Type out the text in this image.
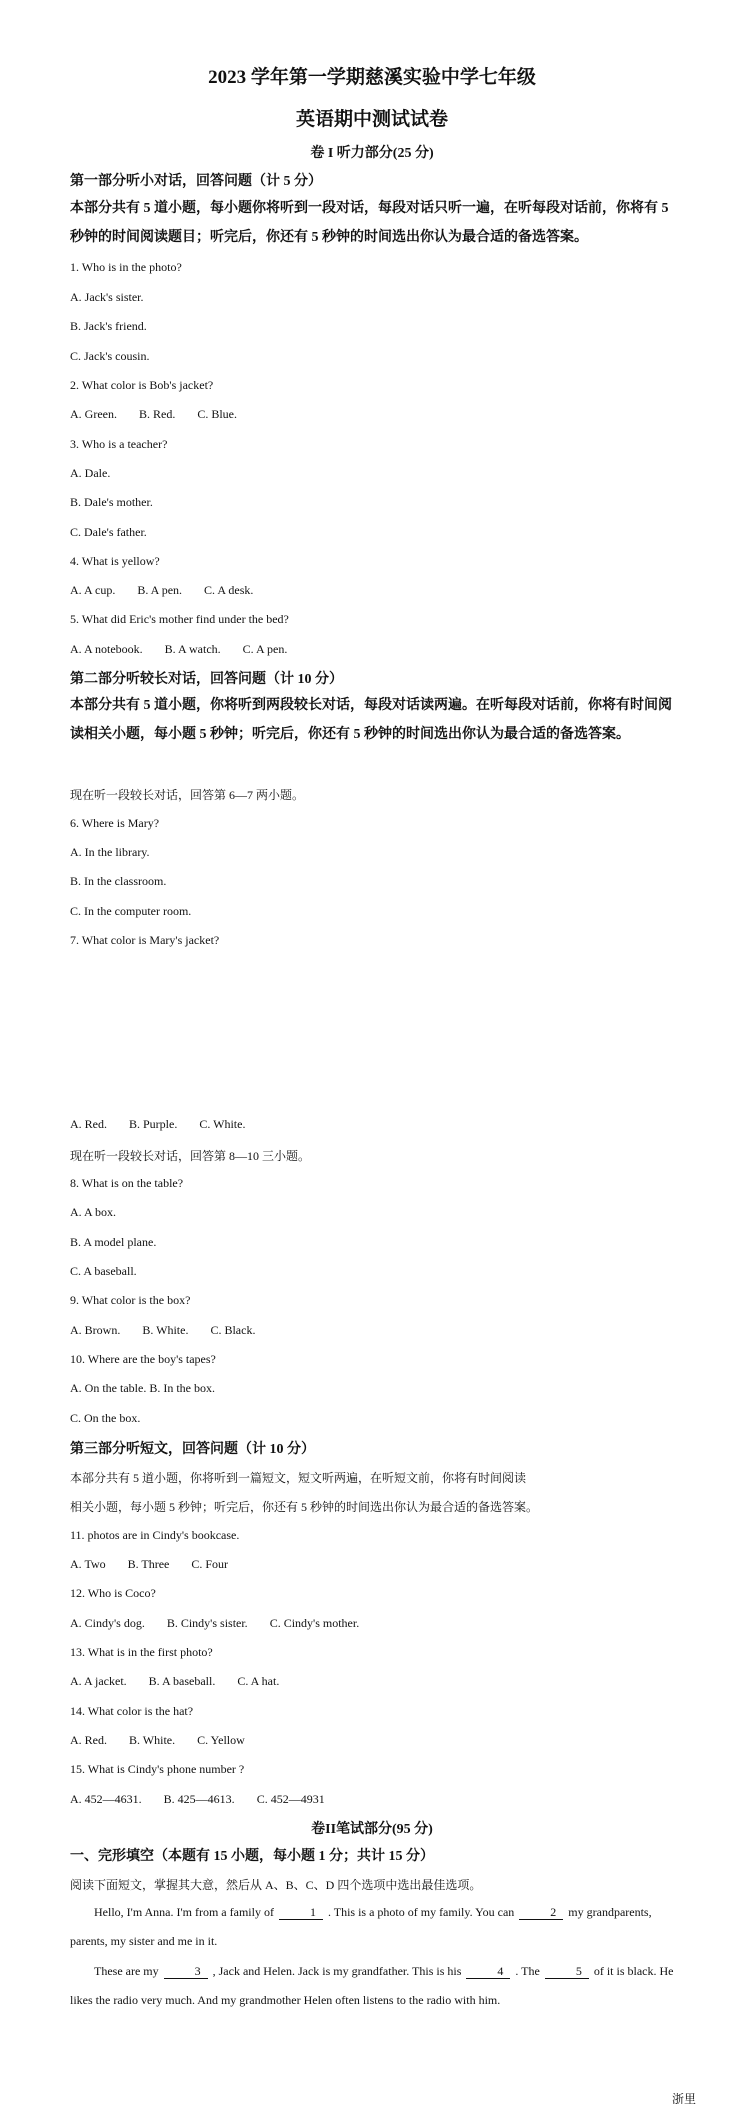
2023 学年第一学期慈溪实验中学七年级
英语期中测试试卷
卷 I 听力部分(25 分)
第一部分听小对话，回答问题（计 5 分）
本部分共有 5 道小题，每小题你将听到一段对话，每段对话只听一遍，在听每段对话前，你将有 5 秒钟的时间阅读题目；听完后，你还有 5 秒钟的时间选出你认为最合适的备选答案。
1. Who is in the photo?
A. Jack's sister.
B. Jack's friend.
C. Jack's cousin.
2. What color is Bob's jacket?
A. Green. B. Red. C. Blue.
3. Who is a teacher?
A. Dale.
B. Dale's mother.
C. Dale's father.
4. What is yellow?
A. A cup. B. A pen. C. A desk.
5. What did Eric's mother find under the bed?
A. A notebook. B. A watch. C. A pen.
第二部分听较长对话，回答问题（计 10 分）
本部分共有 5 道小题，你将听到两段较长对话，每段对话读两遍。在听每段对话前，你将有时间阅读相关小题，每小题 5 秒钟；听完后，你还有 5 秒钟的时间选出你认为最合适的备选答案。
现在听一段较长对话，回答第 6—7 两小题。
6. Where is Mary?
A. In the library.
B. In the classroom.
C. In the computer room.
7. What color is Mary's jacket?
A. Red. B. Purple. C. White.
现在听一段较长对话，回答第 8—10 三小题。
8. What is on the table?
A. A box.
B. A model plane.
C. A baseball.
9. What color is the box?
A. Brown. B. White. C. Black.
10. Where are the boy's tapes?
A. On the table. B. In the box.
C. On the box.
第三部分听短文，回答问题（计 10 分）
本部分共有 5 道小题，你将听到一篇短文，短文听两遍，在听短文前，你将有时间阅读
相关小题，每小题 5 秒钟；听完后，你还有 5 秒钟的时间选出你认为最合适的备选答案。
11. photos are in Cindy's bookcase.
A. Two B. Three C. Four
12. Who is Coco?
A. Cindy's dog. B. Cindy's sister. C. Cindy's mother.
13. What is in the first photo?
A. A jacket. B. A baseball. C. A hat.
14. What color is the hat?
A. Red. B. White. C. Yellow
15. What is Cindy's phone number ?
A. 452—4631. B. 425—4613. C. 452—4931
卷II笔试部分(95 分)
一、完形填空（本题有 15 小题，每小题 1 分；共计 15 分）
阅读下面短文，掌握其大意，然后从 A、B、C、D 四个选项中选出最佳选项。
Hello, I'm Anna. I'm from a family of	1 . This is a photo of my family. You can	2 my grandparents, parents, my sister and me in it.
These are my	3 , Jack and Helen. Jack is my grandfather. This is his	4 . The	5 of it is black. He likes the radio very much. And my grandmother Helen often listens to the radio with him.
浙里
